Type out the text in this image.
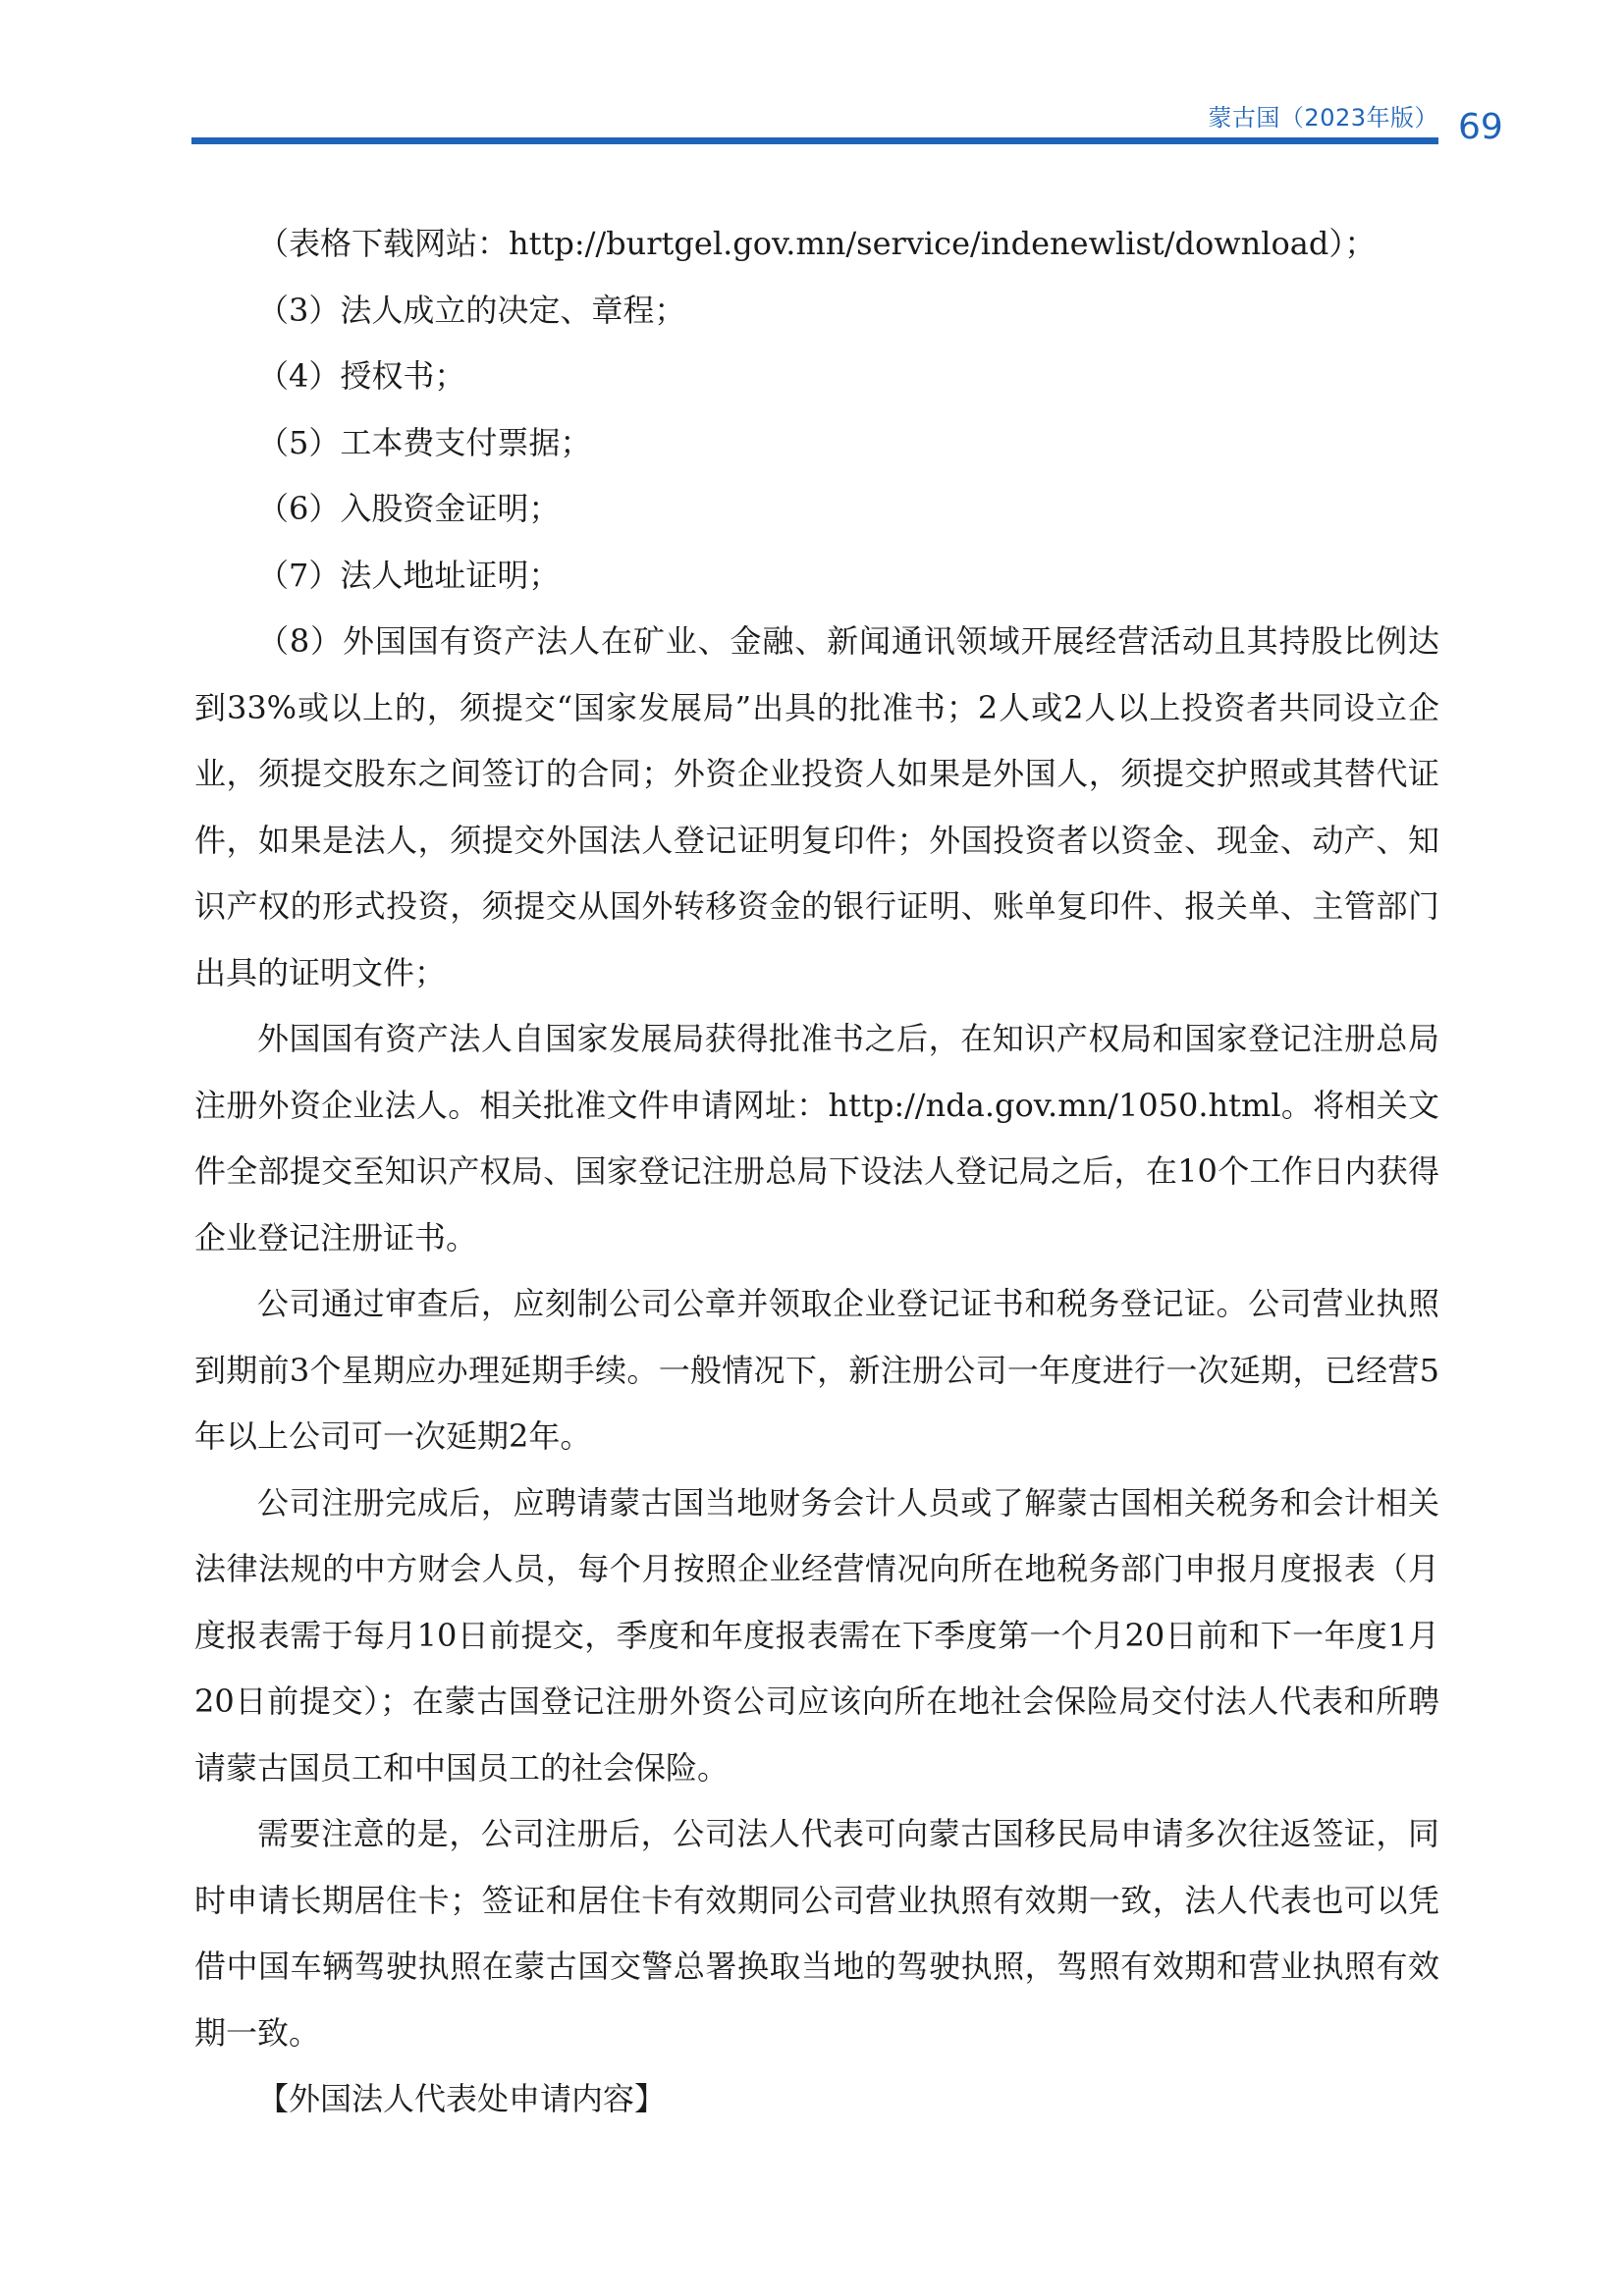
蒙古国（2023年版） 69

（表格下载网站：http://burtgel.gov.mn/service/indenewlist/download）；

（3）法人成立的决定、章程；

（4）授权书；

（5）工本费支付票据；

（6）入股资金证明；

（7）法人地址证明；

（8）外国国有资产法人在矿业、金融、新闻通讯领域开展经营活动且其持股比例达到33%或以上的，须提交“国家发展局”出具的批准书；2人或2人以上投资者共同设立企业，须提交股东之间签订的合同；外资企业投资人如果是外国人，须提交护照或其替代证件，如果是法人，须提交外国法人登记证明复印件；外国投资者以资金、现金、动产、知识产权的形式投资，须提交从国外转移资金的银行证明、账单复印件、报关单、主管部门出具的证明文件；

外国国有资产法人自国家发展局获得批准书之后，在知识产权局和国家登记注册总局注册外资企业法人。相关批准文件申请网址：http://nda.gov.mn/1050.html。将相关文件全部提交至知识产权局、国家登记注册总局下设法人登记局之后，在10个工作日内获得企业登记注册证书。

公司通过审查后，应刻制公司公章并领取企业登记证书和税务登记证。公司营业执照到期前3个星期应办理延期手续。一般情况下，新注册公司一年度进行一次延期，已经营5年以上公司可一次延期2年。

公司注册完成后，应聘请蒙古国当地财务会计人员或了解蒙古国相关税务和会计相关法律法规的中方财会人员，每个月按照企业经营情况向所在地税务部门申报月度报表（月度报表需于每月10日前提交，季度和年度报表需在下季度第一个月20日前和下一年度1月20日前提交）；在蒙古国登记注册外资公司应该向所在地社会保险局交付法人代表和所聘请蒙古国员工和中国员工的社会保险。

需要注意的是，公司注册后，公司法人代表可向蒙古国移民局申请多次往返签证，同时申请长期居住卡；签证和居住卡有效期同公司营业执照有效期一致，法人代表也可以凭借中国车辆驾驶执照在蒙古国交警总署换取当地的驾驶执照，驾照有效期和营业执照有效期一致。

【外国法人代表处申请内容】
